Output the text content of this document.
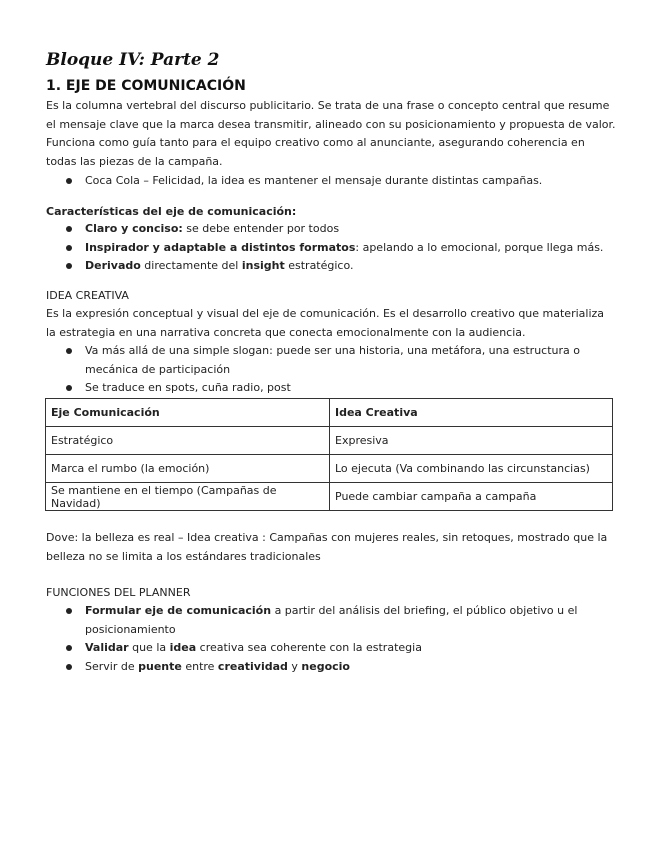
Bloque IV: Parte 2
1. EJE DE COMUNICACIÓN

Es la columna vertebral del discurso publicitario. Se trata de una frase o concepto central que resume el mensaje clave que la marca desea transmitir, alineado con su posicionamiento y propuesta de valor. Funciona como guía tanto para el equipo creativo como al anunciante, asegurando coherencia en todas las piezas de la campaña.

Coca Cola – Felicidad, la idea es mantener el mensaje durante distintas campañas.

Características del eje de comunicación:

Claro y conciso: se debe entender por todos
Inspirador y adaptable a distintos formatos: apelando a lo emocional, porque llega más.
Derivado directamente del insight estratégico.

IDEA CREATIVA

Es la expresión conceptual y visual del eje de comunicación. Es el desarrollo creativo que materializa la estrategia en una narrativa concreta que conecta emocionalmente con la audiencia.

Va más allá de una simple slogan: puede ser una historia, una metáfora, una estructura o mecánica de participación
Se traduce en spots, cuña radio, post
Eje Comunicación	Idea Creativa
Estratégico	Expresiva
Marca el rumbo (la emoción)	Lo ejecuta (Va combinando las circunstancias)
Se mantiene en el tiempo (Campañas de Navidad)	Puede cambiar campaña a campaña

Dove: la belleza es real – Idea creativa : Campañas con mujeres reales, sin retoques, mostrado que la belleza no se limita a los estándares tradicionales

FUNCIONES DEL PLANNER

Formular eje de comunicación a partir del análisis del briefing, el público objetivo u el posicionamiento
Validar que la idea creativa sea coherente con la estrategia
Servir de puente entre creatividad y negocio
